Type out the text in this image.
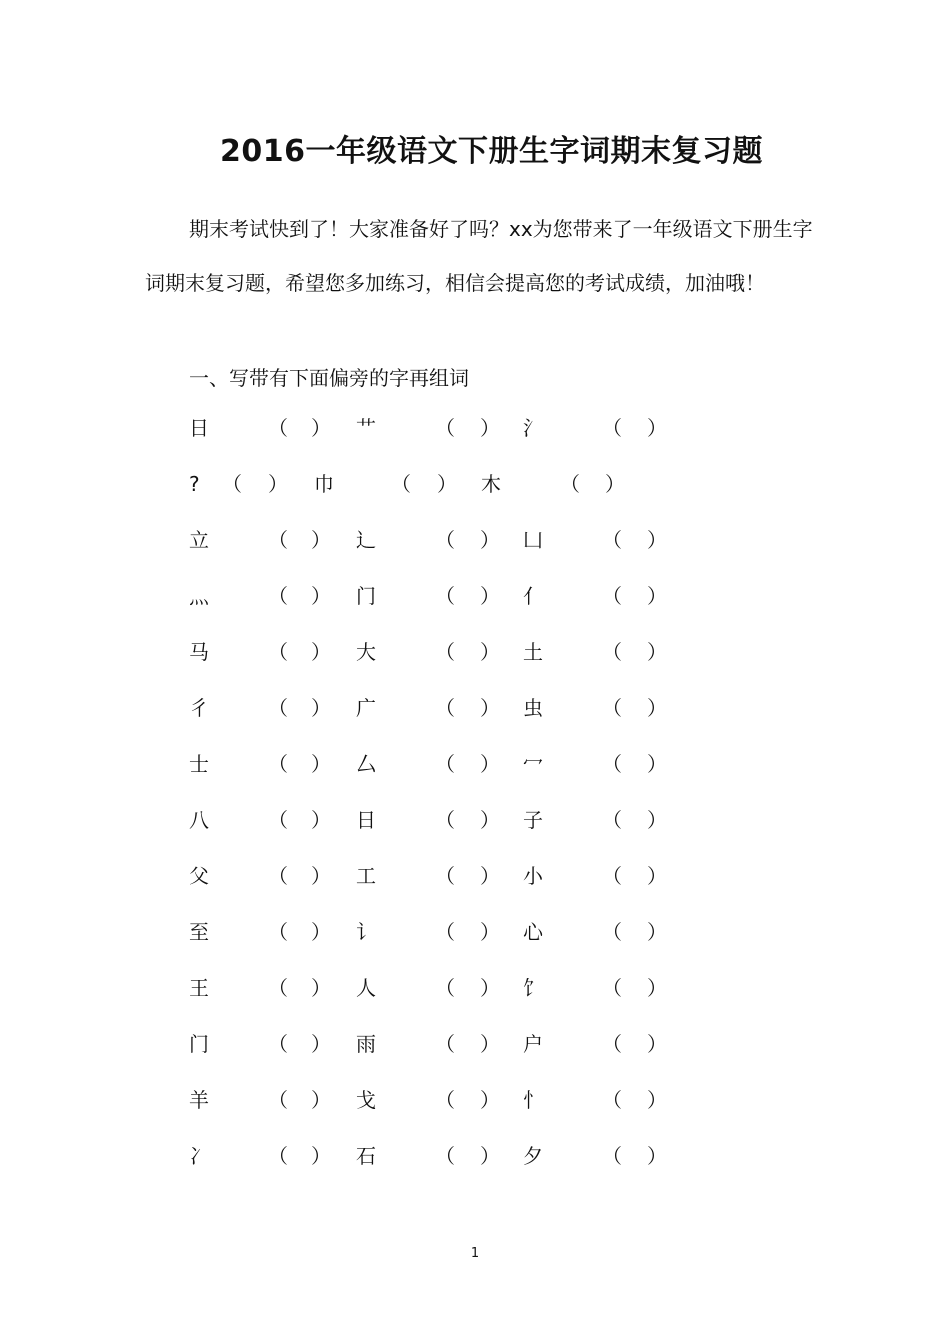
2016一年级语文下册生字词期末复习题

期末考试快到了！大家准备好了吗？xx为您带来了一年级语文下册生字词期末复习题，希望您多加练习，相信会提高您的考试成绩，加油哦！

一、写带有下面偏旁的字再组词

日	（ ） 艹	（ ） 氵	（ ）
? （ ） 巾	（ ） 木	（ ）
立	（ ） 辶	（ ） 凵	（ ）
灬	（ ） 门	（ ） 亻	（ ）
马	（ ） 大	（ ） 土	（ ）
彳	（ ） 广	（ ） 虫	（ ）
士	（ ） 厶	（ ） 冖	（ ）
八	（ ） 日	（ ） 子	（ ）
父	（ ） 工	（ ） 小	（ ）
至	（ ） 讠	（ ） 心	（ ）
王	（ ） 人	（ ） 饣	（ ）
门	（ ） 雨	（ ） 户	（ ）
羊	（ ） 戈	（ ） 忄	（ ）
冫	（ ） 石	（ ） 夕	（ ）
1
